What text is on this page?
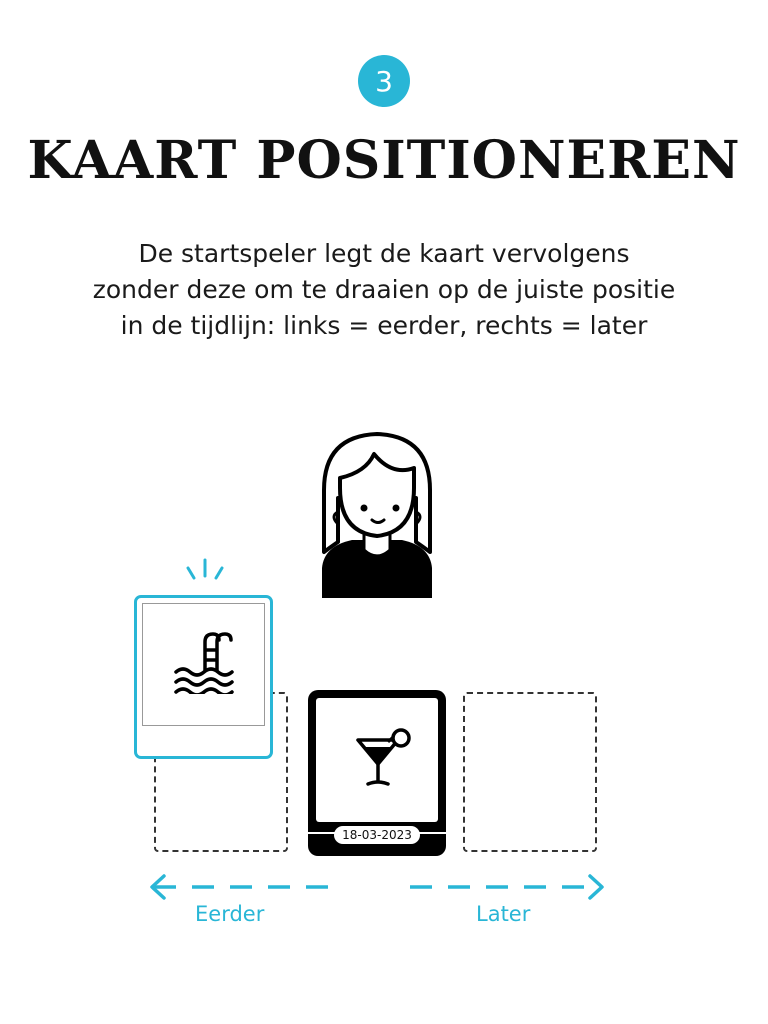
3
KAART POSITIONEREN
De startspeler legt de kaart vervolgens
zonder deze om te draaien op de juiste positie
in de tijdlijn: links = eerder, rechts = later
18-03-2023
Eerder	Later
